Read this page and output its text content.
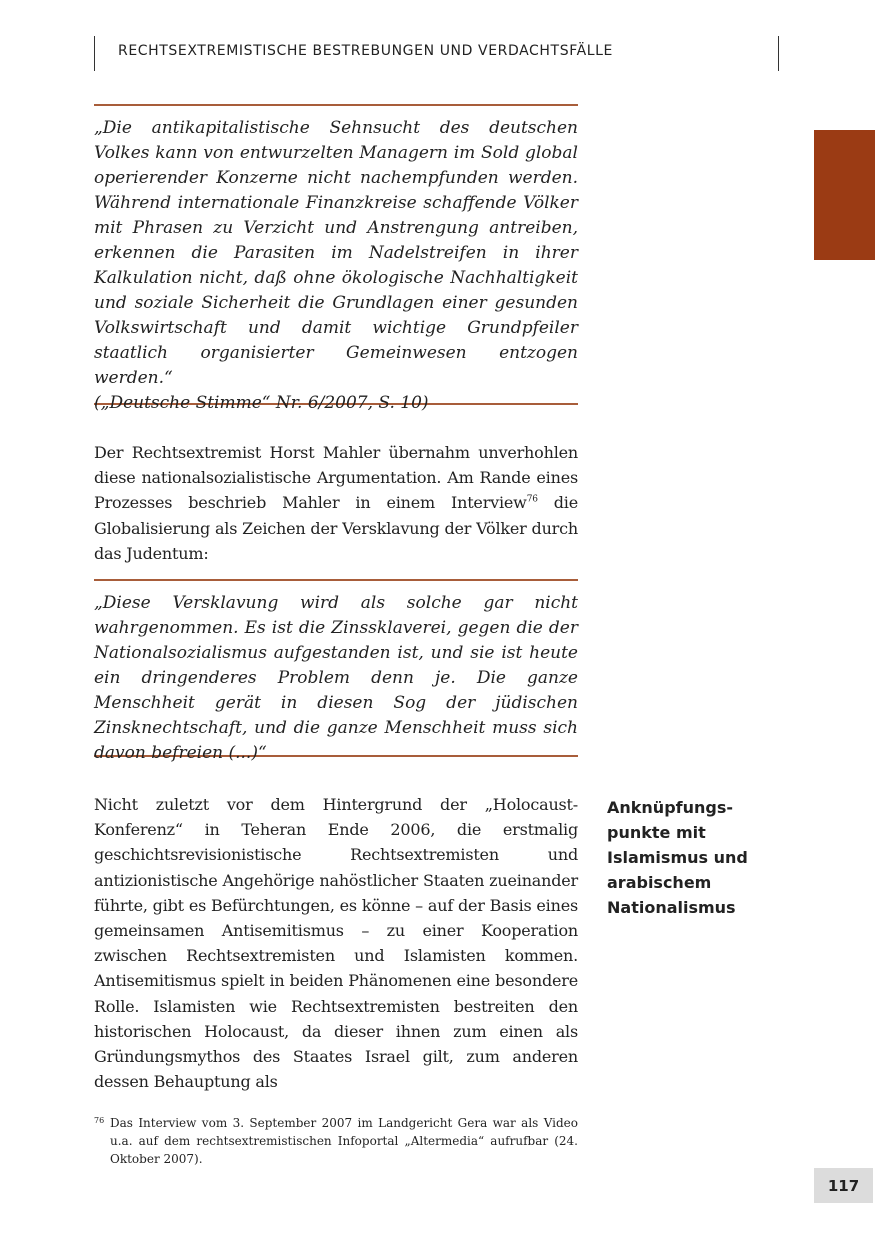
RECHTSEXTREMISTISCHE BESTREBUNGEN UND VERDACHTSFÄLLE

„Die antikapitalistische Sehnsucht des deutschen Volkes kann von entwurzelten Managern im Sold global operierender Konzerne nicht nachempfunden werden. Während internationale Finanzkreise schaffende Völker mit Phrasen zu Verzicht und Anstrengung antreiben, erkennen die Parasiten im Nadelstreifen in ihrer Kalkulation nicht, daß ohne ökologische Nachhaltigkeit und soziale Sicherheit die Grundlagen einer gesunden Volkswirtschaft und damit wichtige Grundpfeiler staatlich organisierter Gemeinwesen entzogen werden.“

(„Deutsche Stimme“ Nr. 6/2007, S. 10)

Der Rechtsextremist Horst Mahler übernahm unverhohlen diese nationalsozialistische Argumentation. Am Rande eines Prozesses beschrieb Mahler in einem Interview$^{76}$ die Globalisierung als Zeichen der Versklavung der Völker durch das Judentum:

„Diese Versklavung wird als solche gar nicht wahrgenommen. Es ist die Zinssklaverei, gegen die der Nationalsozialismus aufgestanden ist, und sie ist heute ein dringenderes Problem denn je. Die ganze Menschheit gerät in diesen Sog der jüdischen Zinsknechtschaft, und die ganze Menschheit muss sich davon befreien (...)“

Anknüpfungs-
punkte mit
Islamismus und
arabischem
Nationalismus

Nicht zuletzt vor dem Hintergrund der „Holocaust-Konferenz“ in Teheran Ende 2006, die erstmalig geschichtsrevisionistische Rechtsextremisten und antizionistische Angehörige nahöstlicher Staaten zueinander führte, gibt es Befürchtungen, es könne – auf der Basis eines gemeinsamen Antisemitismus – zu einer Kooperation zwischen Rechtsextremisten und Islamisten kommen. Antisemitismus spielt in beiden Phänomenen eine besondere Rolle. Islamisten wie Rechtsextremisten bestreiten den historischen Holocaust, da dieser ihnen zum einen als Gründungsmythos des Staates Israel gilt, zum anderen dessen Behauptung als

76 Das Interview vom 3. September 2007 im Landgericht Gera war als Video u.a. auf dem rechtsextremistischen Infoportal „Altermedia“ aufrufbar (24. Oktober 2007).
117
